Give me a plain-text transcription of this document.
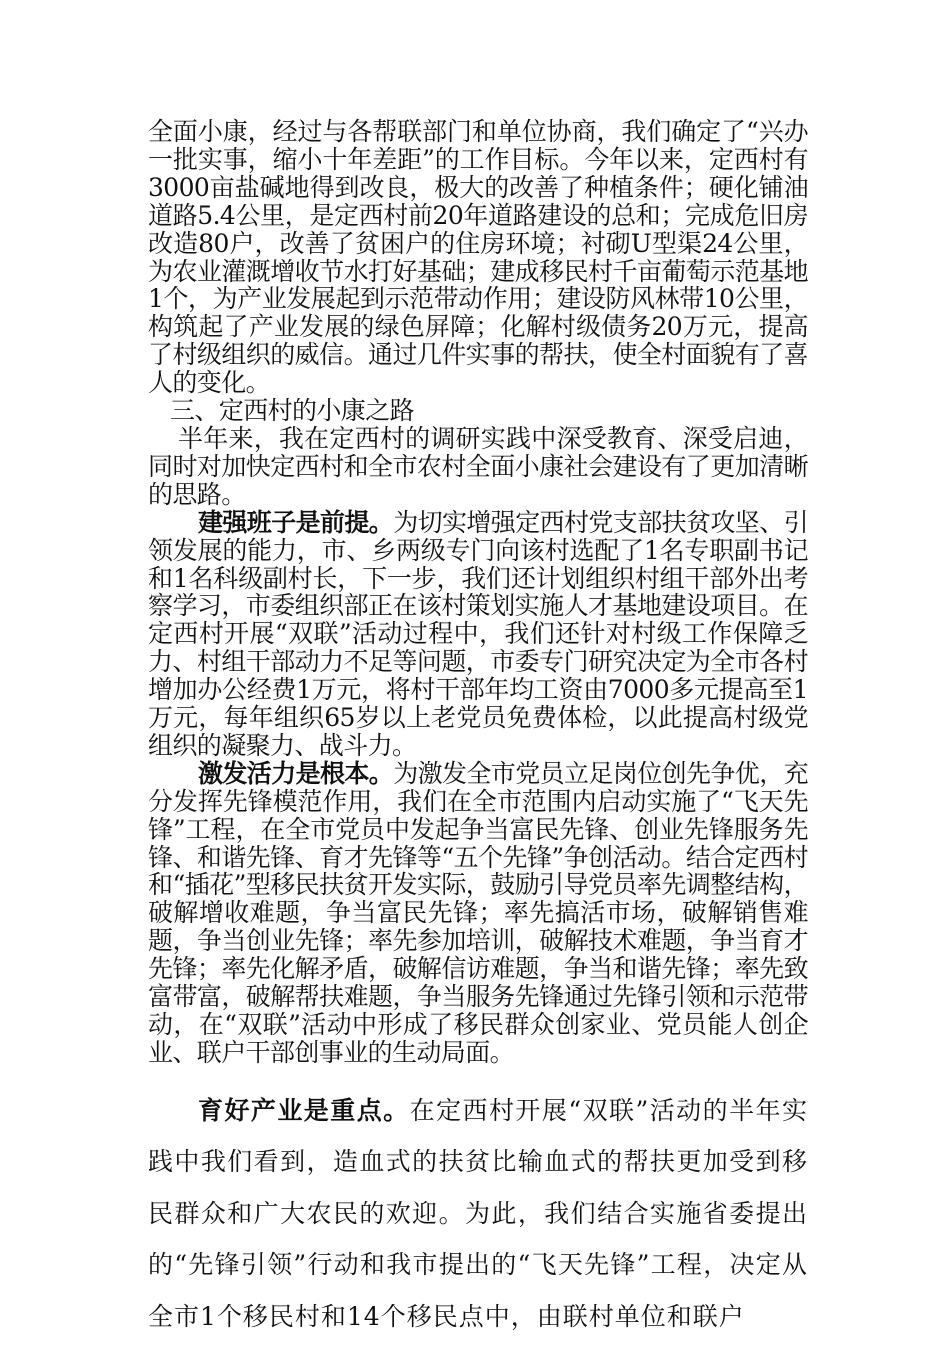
全面小康，经过与各帮联部门和单位协商，我们确定了“兴办一批实事，缩小十年差距”的工作目标。今年以来，定西村有3000亩盐碱地得到改良，极大的改善了种植条件；硬化铺油道路5.4公里，是定西村前20年道路建设的总和；完成危旧房改造80户，改善了贫困户的住房环境；衬砌U型渠24公里，为农业灌溉增收节水打好基础；建成移民村千亩葡萄示范基地1个，为产业发展起到示范带动作用；建设防风林带10公里，构筑起了产业发展的绿色屏障；化解村级债务20万元，提高了村级组织的威信。通过几件实事的帮扶，使全村面貌有了喜人的变化。

三、定西村的小康之路

半年来，我在定西村的调研实践中深受教育、深受启迪，同时对加快定西村和全市农村全面小康社会建设有了更加清晰的思路。

建强班子是前提。为切实增强定西村党支部扶贫攻坚、引领发展的能力，市、乡两级专门向该村选配了1名专职副书记和1名科级副村长，下一步，我们还计划组织村组干部外出考察学习，市委组织部正在该村策划实施人才基地建设项目。在定西村开展“双联”活动过程中，我们还针对村级工作保障乏力、村组干部动力不足等问题，市委专门研究决定为全市各村增加办公经费1万元，将村干部年均工资由7000多元提高至1万元，每年组织65岁以上老党员免费体检，以此提高村级党组织的凝聚力、战斗力。

激发活力是根本。为激发全市党员立足岗位创先争优，充分发挥先锋模范作用，我们在全市范围内启动实施了“飞天先锋”工程，在全市党员中发起争当富民先锋、创业先锋服务先锋、和谐先锋、育才先锋等“五个先锋”争创活动。结合定西村和“插花”型移民扶贫开发实际，鼓励引导党员率先调整结构，破解增收难题，争当富民先锋；率先搞活市场，破解销售难题，争当创业先锋；率先参加培训，破解技术难题，争当育才先锋；率先化解矛盾，破解信访难题，争当和谐先锋；率先致富带富，破解帮扶难题，争当服务先锋通过先锋引领和示范带动，在“双联”活动中形成了移民群众创家业、党员能人创企业、联户干部创事业的生动局面。

育好产业是重点。在定西村开展“双联”活动的半年实践中我们看到，造血式的扶贫比输血式的帮扶更加受到移民群众和广大农民的欢迎。为此，我们结合实施省委提出的“先锋引领”行动和我市提出的“飞天先锋”工程，决定从全市1个移民村和14个移民点中，由联村单位和联户
